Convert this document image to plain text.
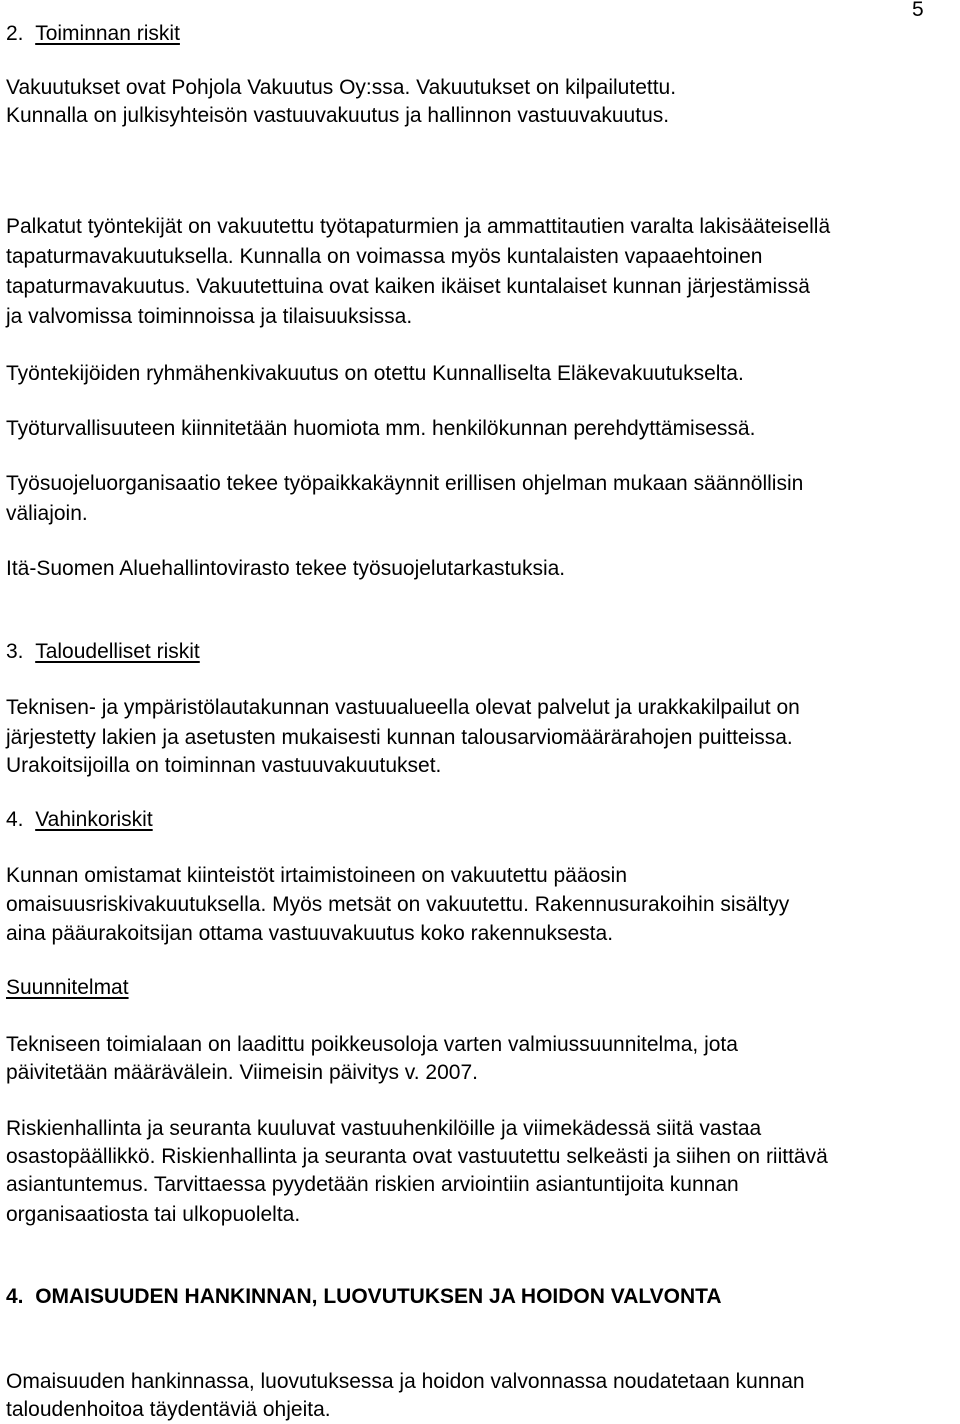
5
2. Toiminnan riskit
Vakuutukset ovat Pohjola Vakuutus Oy:ssa. Vakuutukset on kilpailutettu.
Kunnalla on julkisyhteisön vastuuvakuutus ja hallinnon vastuuvakuutus.
Palkatut työntekijät on vakuutettu työtapaturmien ja ammattitautien varalta lakisääteisellä
tapaturmavakuutuksella. Kunnalla on voimassa myös kuntalaisten vapaaehtoinen
tapaturmavakuutus. Vakuutettuina ovat kaiken ikäiset kuntalaiset kunnan järjestämissä
ja valvomissa toiminnoissa ja tilaisuuksissa.
Työntekijöiden ryhmähenkivakuutus on otettu Kunnalliselta Eläkevakuutukselta.
Työturvallisuuteen kiinnitetään huomiota mm. henkilökunnan perehdyttämisessä.
Työsuojeluorganisaatio tekee työpaikkakäynnit erillisen ohjelman mukaan säännöllisin
väliajoin.
Itä-Suomen Aluehallintovirasto tekee työsuojelutarkastuksia.
3. Taloudelliset riskit
Teknisen- ja ympäristölautakunnan vastuualueella olevat palvelut ja urakkakilpailut on
järjestetty lakien ja asetusten mukaisesti kunnan talousarviomäärärahojen puitteissa.
Urakoitsijoilla on toiminnan vastuuvakuutukset.
4. Vahinkoriskit
Kunnan omistamat kiinteistöt irtaimistoineen on vakuutettu pääosin
omaisuusriskivakuutuksella. Myös metsät on vakuutettu. Rakennusurakoihin sisältyy
aina pääurakoitsijan ottama vastuuvakuutus koko rakennuksesta.
Suunnitelmat
Tekniseen toimialaan on laadittu poikkeusoloja varten valmiussuunnitelma, jota
päivitetään määrävälein. Viimeisin päivitys v. 2007.
Riskienhallinta ja seuranta kuuluvat vastuuhenkilöille ja viimekädessä siitä vastaa
osastopäällikkö. Riskienhallinta ja seuranta ovat vastuutettu selkeästi ja siihen on riittävä
asiantuntemus. Tarvittaessa pyydetään riskien arviointiin asiantuntijoita kunnan
organisaatiosta tai ulkopuolelta.
4. OMAISUUDEN HANKINNAN, LUOVUTUKSEN JA HOIDON VALVONTA
Omaisuuden hankinnassa, luovutuksessa ja hoidon valvonnassa noudatetaan kunnan
taloudenhoitoa täydentäviä ohjeita.
